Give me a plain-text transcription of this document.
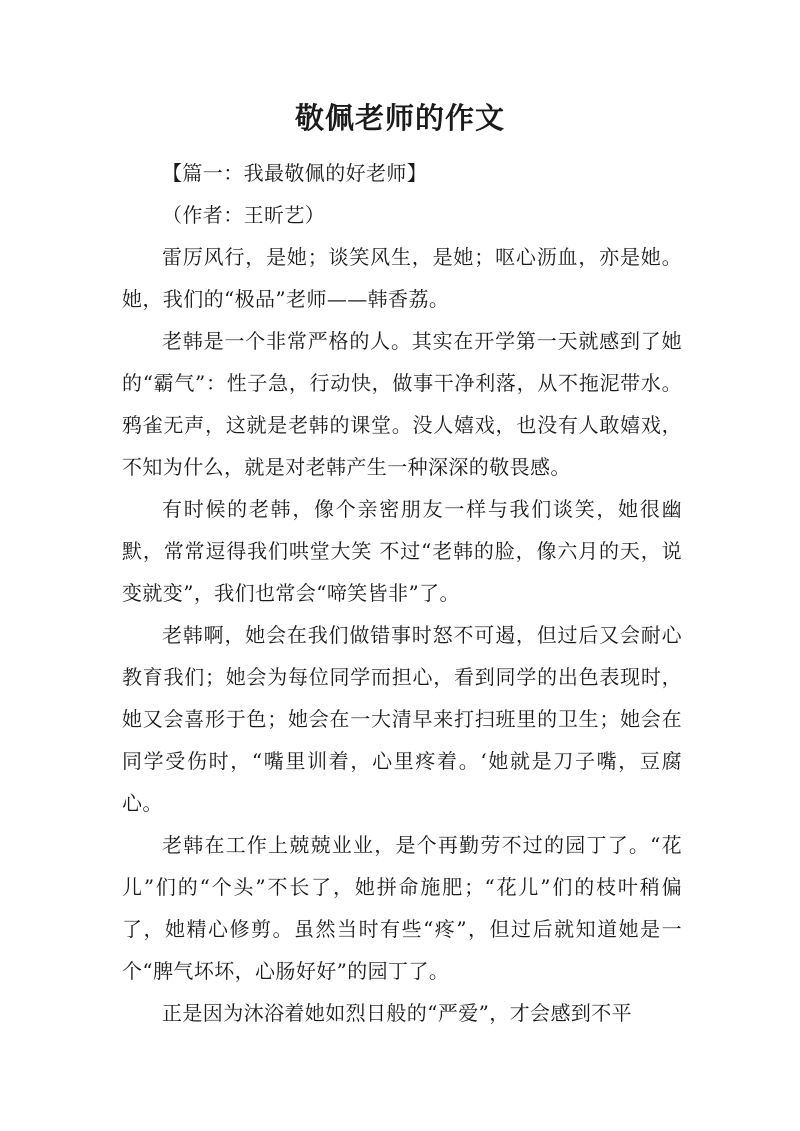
敬佩老师的作文

【篇一：我最敬佩的好老师】

（作者：王昕艺）

雷厉风行，是她；谈笑风生，是她；呕心沥血，亦是她。她，我们的“极品”老师——韩香荔。

老韩是一个非常严格的人。其实在开学第一天就感到了她的“霸气”：性子急，行动快，做事干净利落，从不拖泥带水。鸦雀无声，这就是老韩的课堂。没人嬉戏，也没有人敢嬉戏，不知为什么，就是对老韩产生一种深深的敬畏感。

有时候的老韩，像个亲密朋友一样与我们谈笑，她很幽默，常常逗得我们哄堂大笑 不过“老韩的脸，像六月的天，说变就变”，我们也常会“啼笑皆非”了。

老韩啊，她会在我们做错事时怒不可遏，但过后又会耐心教育我们；她会为每位同学而担心，看到同学的出色表现时，她又会喜形于色；她会在一大清早来打扫班里的卫生；她会在同学受伤时，“嘴里训着，心里疼着。‘她就是刀子嘴，豆腐心。

老韩在工作上兢兢业业，是个再勤劳不过的园丁了。“花儿”们的“个头”不长了，她拼命施肥；“花儿”们的枝叶稍偏了，她精心修剪。虽然当时有些“疼”，但过后就知道她是一个“脾气坏坏，心肠好好”的园丁了。

正是因为沐浴着她如烈日般的“严爱”，才会感到不平
